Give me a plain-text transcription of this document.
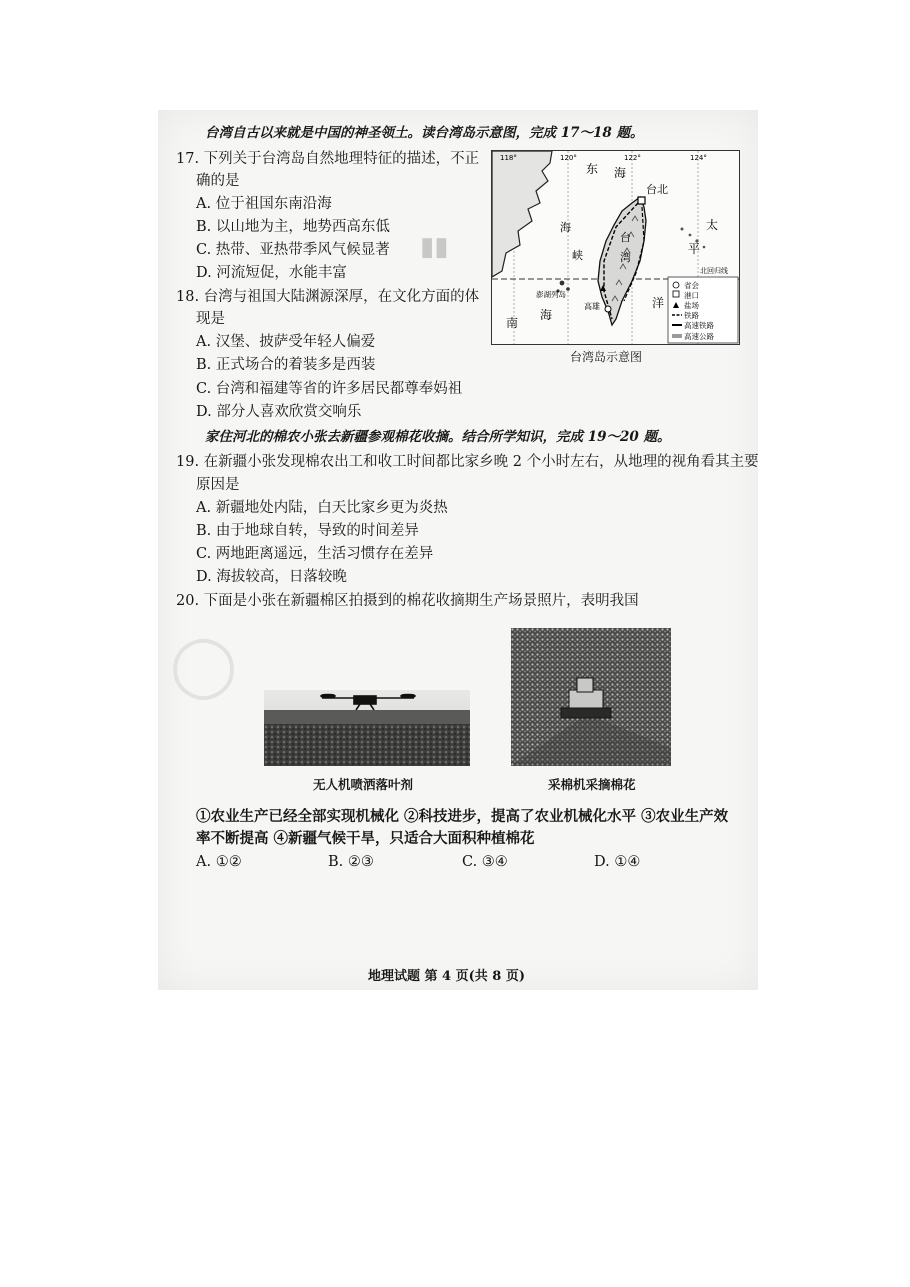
▮▮
◯
台湾自古以来就是中国的神圣领土。读台湾岛示意图，完成 17～18 题。
17. 下列关于台湾岛自然地理特征的描述，不正
确的是
A. 位于祖国东南沿海
B. 以山地为主，地势西高东低
C. 热带、亚热带季风气候显著
D. 河流短促，水能丰富
18. 台湾与祖国大陆渊源深厚，在文化方面的体
现是
A. 汉堡、披萨受年轻人偏爱
B. 正式场合的着装多是西装
C. 台湾和福建等省的许多居民都尊奉妈祖
D. 部分人喜欢欣赏交响乐
118°	120°	122°	124°
东 海
台北
台
湾
海
峡
太
平
洋
南
海
北回归线
澎湖列岛
高雄
省会
港口
盐场
铁路
高速铁路
高速公路
台湾岛示意图
家住河北的棉农小张去新疆参观棉花收摘。结合所学知识，完成 19～20 题。
19. 在新疆小张发现棉农出工和收工时间都比家乡晚 2 个小时左右，从地理的视角看其主要
原因是
A. 新疆地处内陆，白天比家乡更为炎热
B. 由于地球自转，导致的时间差异
C. 两地距离遥远，生活习惯存在差异
D. 海拔较高，日落较晚
20. 下面是小张在新疆棉区拍摄到的棉花收摘期生产场景照片，表明我国
无人机喷洒落叶剂	采棉机采摘棉花
①农业生产已经全部实现机械化 ②科技进步，提高了农业机械化水平 ③农业生产效
率不断提高 ④新疆气候干旱，只适合大面积种植棉花
A. ①②	B. ②③	C. ③④	D. ①④
地理试题 第 4 页(共 8 页)
